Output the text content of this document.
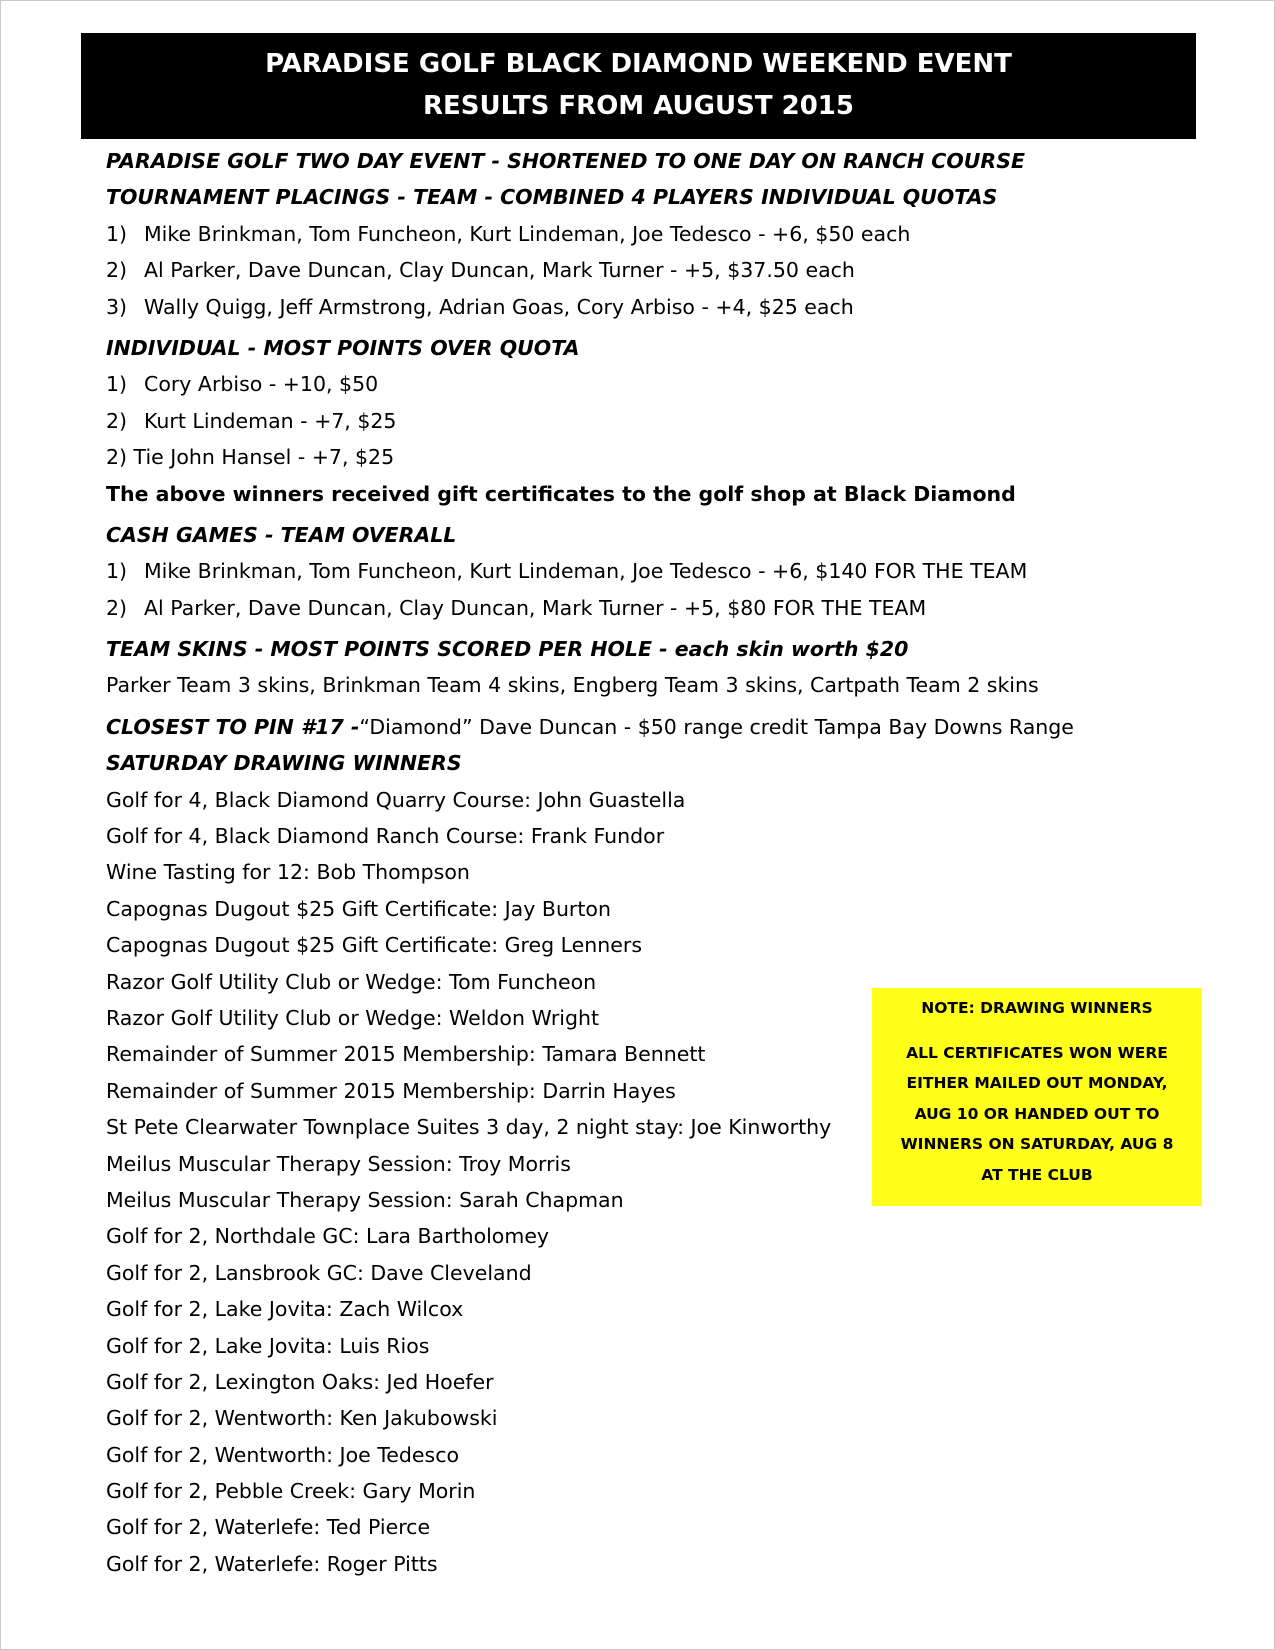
PARADISE GOLF BLACK DIAMOND WEEKEND EVENT
RESULTS FROM AUGUST 2015
PARADISE GOLF TWO DAY EVENT - SHORTENED TO ONE DAY ON RANCH COURSE
TOURNAMENT PLACINGS - TEAM - COMBINED 4 PLAYERS INDIVIDUAL QUOTAS
1) Mike Brinkman, Tom Funcheon, Kurt Lindeman, Joe Tedesco - +6, $50 each
2) Al Parker, Dave Duncan, Clay Duncan, Mark Turner - +5, $37.50 each
3) Wally Quigg, Jeff Armstrong, Adrian Goas, Cory Arbiso - +4, $25 each
INDIVIDUAL - MOST POINTS OVER QUOTA
1) Cory Arbiso - +10, $50
2) Kurt Lindeman - +7, $25
2) Tie John Hansel - +7, $25
The above winners received gift certificates to the golf shop at Black Diamond
CASH GAMES - TEAM OVERALL
1) Mike Brinkman, Tom Funcheon, Kurt Lindeman, Joe Tedesco - +6, $140 FOR THE TEAM
2) Al Parker, Dave Duncan, Clay Duncan, Mark Turner - +5, $80 FOR THE TEAM
TEAM SKINS - MOST POINTS SCORED PER HOLE - each skin worth $20
Parker Team 3 skins, Brinkman Team 4 skins, Engberg Team 3 skins, Cartpath Team 2 skins
CLOSEST TO PIN #17 -“Diamond” Dave Duncan - $50 range credit Tampa Bay Downs Range
SATURDAY DRAWING WINNERS
Golf for 4, Black Diamond Quarry Course: John Guastella
Golf for 4, Black Diamond Ranch Course: Frank Fundor
Wine Tasting for 12: Bob Thompson
Capognas Dugout $25 Gift Certificate: Jay Burton
Capognas Dugout $25 Gift Certificate: Greg Lenners
Razor Golf Utility Club or Wedge: Tom Funcheon
Razor Golf Utility Club or Wedge: Weldon Wright
Remainder of Summer 2015 Membership: Tamara Bennett
Remainder of Summer 2015 Membership: Darrin Hayes
St Pete Clearwater Townplace Suites 3 day, 2 night stay: Joe Kinworthy
Meilus Muscular Therapy Session: Troy Morris
Meilus Muscular Therapy Session: Sarah Chapman
Golf for 2, Northdale GC: Lara Bartholomey
Golf for 2, Lansbrook GC: Dave Cleveland
Golf for 2, Lake Jovita: Zach Wilcox
Golf for 2, Lake Jovita: Luis Rios
Golf for 2, Lexington Oaks: Jed Hoefer
Golf for 2, Wentworth: Ken Jakubowski
Golf for 2, Wentworth: Joe Tedesco
Golf for 2, Pebble Creek: Gary Morin
Golf for 2, Waterlefe: Ted Pierce
Golf for 2, Waterlefe: Roger Pitts
NOTE: DRAWING WINNERS
ALL CERTIFICATES WON WERE
EITHER MAILED OUT MONDAY,
AUG 10 OR HANDED OUT TO
WINNERS ON SATURDAY, AUG 8
AT THE CLUB
